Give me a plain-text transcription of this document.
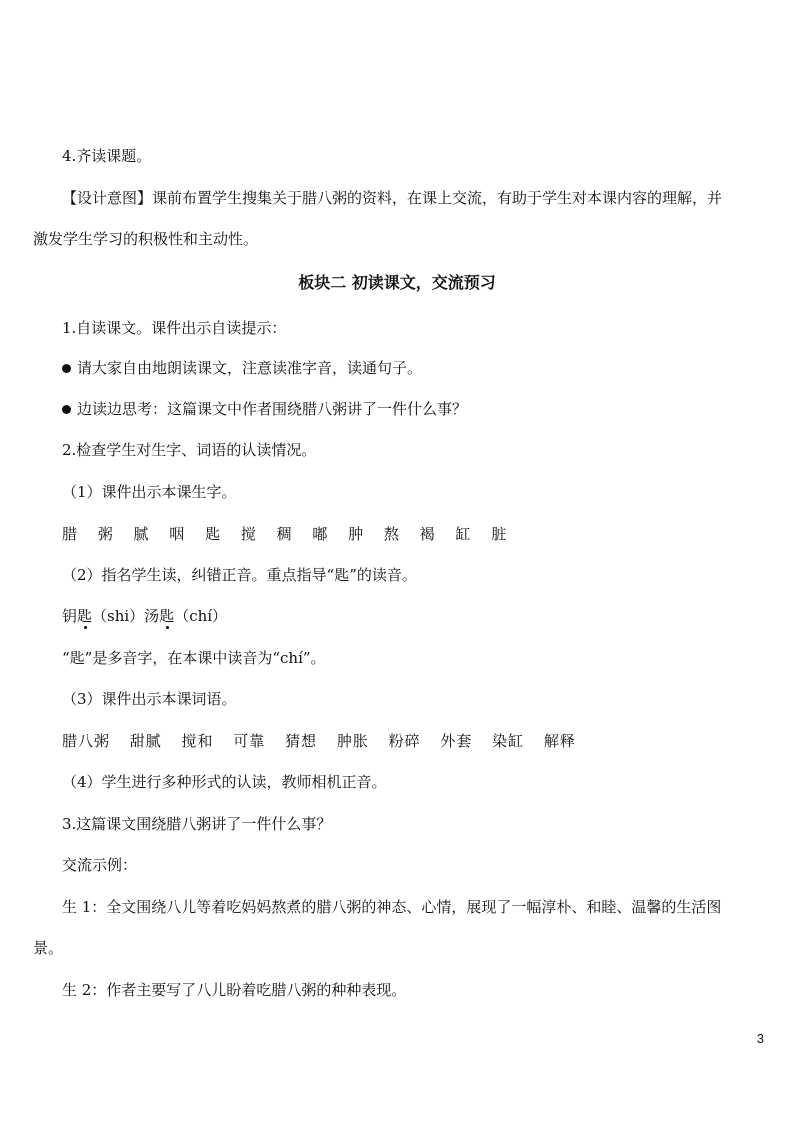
4.齐读课题。
【设计意图】课前布置学生搜集关于腊八粥的资料，在课上交流，有助于学生对本课内容的理解，并
激发学生学习的积极性和主动性。
板块二 初读课文，交流预习
1.自读课文。课件出示自读提示：
请大家自由地朗读课文，注意读准字音，读通句子。
边读边思考：这篇课文中作者围绕腊八粥讲了一件什么事？
2.检查学生对生字、词语的认读情况。
（1）课件出示本课生字。
腊 粥 腻 咽 匙 搅 稠 嘟 肿 熬 褐 缸 脏
（2）指名学生读，纠错正音。重点指导“匙”的读音。
钥匙（shi）汤匙（chí）
“匙”是多音字，在本课中读音为“chí”。
（3）课件出示本课词语。
腊八粥 甜腻 搅和 可靠 猜想 肿胀 粉碎 外套 染缸 解释
（4）学生进行多种形式的认读，教师相机正音。
3.这篇课文围绕腊八粥讲了一件什么事？
交流示例：
生 1：全文围绕八儿等着吃妈妈熬煮的腊八粥的神态、心情，展现了一幅淳朴、和睦、温馨的生活图
景。
生 2：作者主要写了八儿盼着吃腊八粥的种种表现。
3
